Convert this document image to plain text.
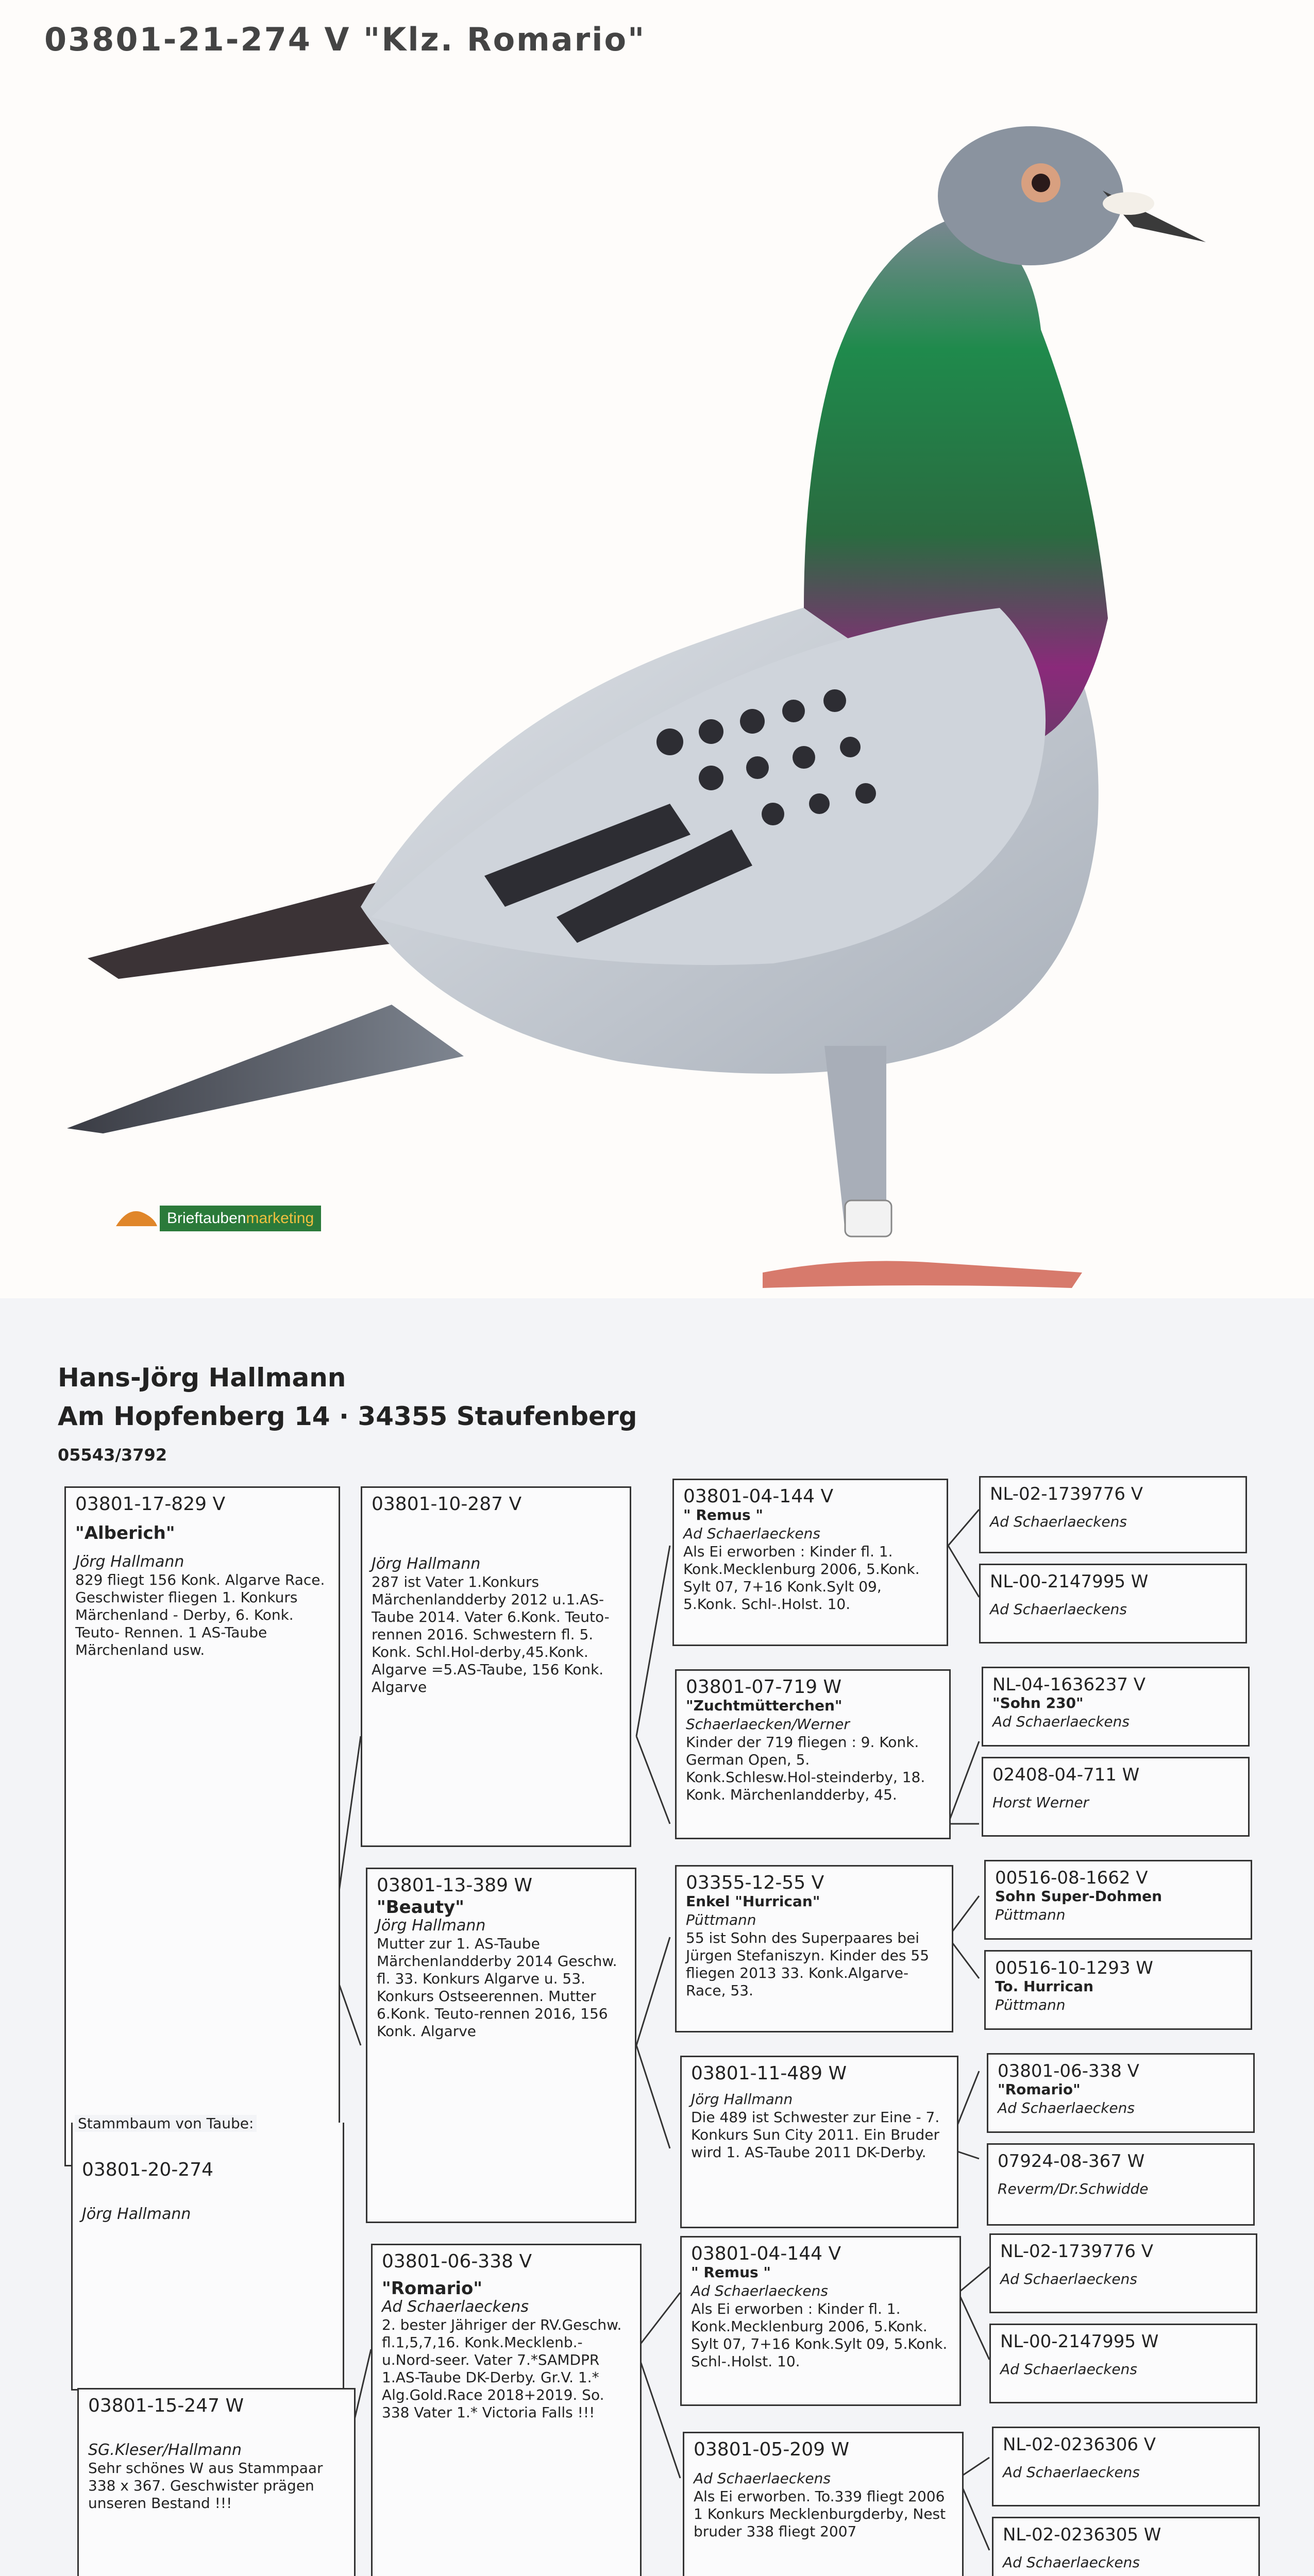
03801-21-274 V "Klz. Romario"
Brieftaubenmarketing
Hans-Jörg Hallmann
Am Hopfenberg 14 · 34355 Staufenberg
05543/3792
03801-17-829 V
"Alberich"
Jörg Hallmann
829 fliegt 156 Konk. Algarve Race. Geschwister fliegen 1. Konkurs Märchenland - Derby, 6. Konk. Teuto- Rennen. 1 AS-Taube Märchenland usw.
Stammbaum von Taube:
03801-20-274
Jörg Hallmann
03801-15-247 W
SG.Kleser/Hallmann
Sehr schönes W aus Stammpaar 338 x 367. Geschwister prägen unseren Bestand !!!
03801-10-287 V
Jörg Hallmann
287 ist Vater 1.Konkurs Märchenlandderby 2012 u.1.AS-Taube 2014. Vater 6.Konk. Teuto-rennen 2016. Schwestern fl. 5. Konk. Schl.Hol-derby,45.Konk. Algarve =5.AS-Taube, 156 Konk. Algarve
03801-13-389 W
"Beauty"
Jörg Hallmann
Mutter zur 1. AS-Taube Märchenlandderby 2014 Geschw. fl. 33. Konkurs Algarve u. 53. Konkurs Ostseerennen. Mutter 6.Konk. Teuto-rennen 2016, 156 Konk. Algarve
03801-06-338 V
"Romario"
Ad Schaerlaeckens
2. bester Jähriger der RV.Geschw. fl.1,5,7,16. Konk.Mecklenb.-u.Nord-seer. Vater 7.*SAMDPR 1.AS-Taube DK-Derby. Gr.V. 1.* Alg.Gold.Race 2018+2019. So. 338 Vater 1.* Victoria Falls !!!
03801-04-144 V
" Remus "
Ad Schaerlaeckens
Als Ei erworben : Kinder fl. 1. Konk.Mecklenburg 2006, 5.Konk. Sylt 07, 7+16 Konk.Sylt 09, 5.Konk. Schl-.Holst. 10.
03801-07-719 W
"Zuchtmütterchen"
Schaerlaecken/Werner
Kinder der 719 fliegen : 9. Konk. German Open, 5. Konk.Schlesw.Hol-steinderby, 18. Konk. Märchenlandderby, 45.
03355-12-55 V
Enkel "Hurrican"
Püttmann
55 ist Sohn des Superpaares bei Jürgen Stefaniszyn. Kinder des 55 fliegen 2013 33. Konk.Algarve- Race, 53.
03801-11-489 W
Jörg Hallmann
Die 489 ist Schwester zur Eine - 7. Konkurs Sun City 2011. Ein Bruder wird 1. AS-Taube 2011 DK-Derby.
03801-04-144 V
" Remus "
Ad Schaerlaeckens
Als Ei erworben : Kinder fl. 1. Konk.Mecklenburg 2006, 5.Konk. Sylt 07, 7+16 Konk.Sylt 09, 5.Konk. Schl-.Holst. 10.
03801-05-209 W
Ad Schaerlaeckens
Als Ei erworben. To.339 fliegt 2006 1 Konkurs Mecklenburgderby, Nest bruder 338 fliegt 2007
NL-02-1739776 V
Ad Schaerlaeckens
NL-00-2147995 W
Ad Schaerlaeckens
NL-04-1636237 V
"Sohn 230"
Ad Schaerlaeckens
02408-04-711 W
Horst Werner
00516-08-1662 V
Sohn Super-Dohmen
Püttmann
00516-10-1293 W
To. Hurrican
Püttmann
03801-06-338 V
"Romario"
Ad Schaerlaeckens
07924-08-367 W
Reverm/Dr.Schwidde
NL-02-1739776 V
Ad Schaerlaeckens
NL-00-2147995 W
Ad Schaerlaeckens
NL-02-0236306 V
Ad Schaerlaeckens
NL-02-0236305 W
Ad Schaerlaeckens
